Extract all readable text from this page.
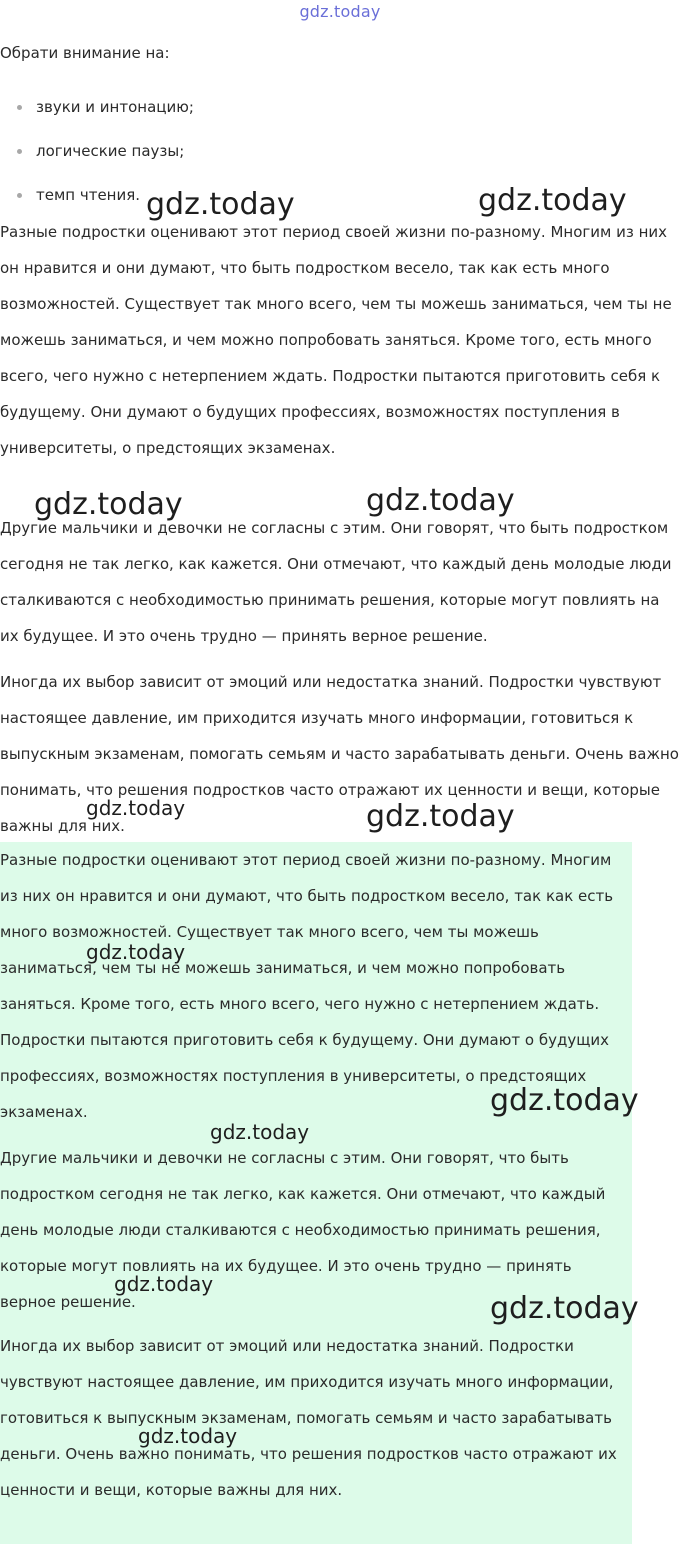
gdz.today
Обрати внимание на:
звуки и интонацию;
логические паузы;
темп чтения.

Разные подростки оценивают этот период своей жизни по-разному. Многим из них он нравится и они думают, что быть подростком весело, так как есть много возможностей. Существует так много всего, чем ты можешь заниматься, чем ты не можешь заниматься, и чем можно попробовать заняться. Кроме того, есть много всего, чего нужно с нетерпением ждать. Подростки пытаются приготовить себя к будущему. Они думают о будущих профессиях, возможностях поступления в университеты, о предстоящих экзаменах.

Другие мальчики и девочки не согласны с этим. Они говорят, что быть подростком сегодня не так легко, как кажется. Они отмечают, что каждый день молодые люди сталкиваются с необходимостью принимать решения, которые могут повлиять на их будущее. И это очень трудно — принять верное решение.

Иногда их выбор зависит от эмоций или недостатка знаний. Подростки чувствуют настоящее давление, им приходится изучать много информации, готовиться к выпускным экзаменам, помогать семьям и часто зарабатывать деньги. Очень важно понимать, что решения подростков часто отражают их ценности и вещи, которые важны для них.

Разные подростки оценивают этот период своей жизни по-разному. Многим из них он нравится и они думают, что быть подростком весело, так как есть много возможностей. Существует так много всего, чем ты можешь заниматься, чем ты не можешь заниматься, и чем можно попробовать заняться. Кроме того, есть много всего, чего нужно с нетерпением ждать. Подростки пытаются приготовить себя к будущему. Они думают о будущих профессиях, возможностях поступления в университеты, о предстоящих экзаменах.

Другие мальчики и девочки не согласны с этим. Они говорят, что быть подростком сегодня не так легко, как кажется. Они отмечают, что каждый день молодые люди сталкиваются с необходимостью принимать решения, которые могут повлиять на их будущее. И это очень трудно — принять верное решение.

Иногда их выбор зависит от эмоций или недостатка знаний. Подростки чувствуют настоящее давление, им приходится изучать много информации, готовиться к выпускным экзаменам, помогать семьям и часто зарабатывать деньги. Очень важно понимать, что решения подростков часто отражают их ценности и вещи, которые важны для них.

gdz.today	gdz.today
gdz.today	gdz.today
gdz.today	gdz.today
gdz.today
gdz.today
gdz.today
gdz.today
gdz.today
gdz.today
